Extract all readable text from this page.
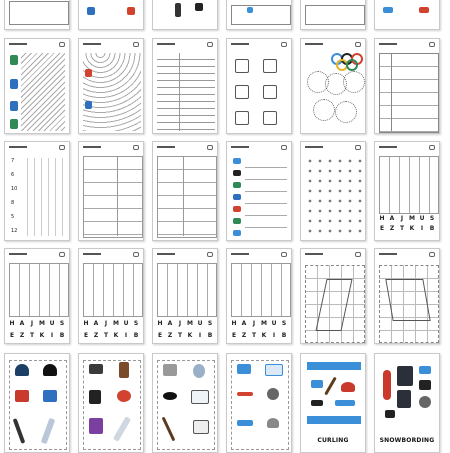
7
6
10
8
5
12
H A	J M U S
E Z T K	I	B
H A	J M U S
E Z T K	I	B
H A	J M U S
E Z T K	I	B
H A	J M U S
E Z T K	I	B
H A	J M U S
E Z T K	I	B
CURLING	SNOWBORDING
